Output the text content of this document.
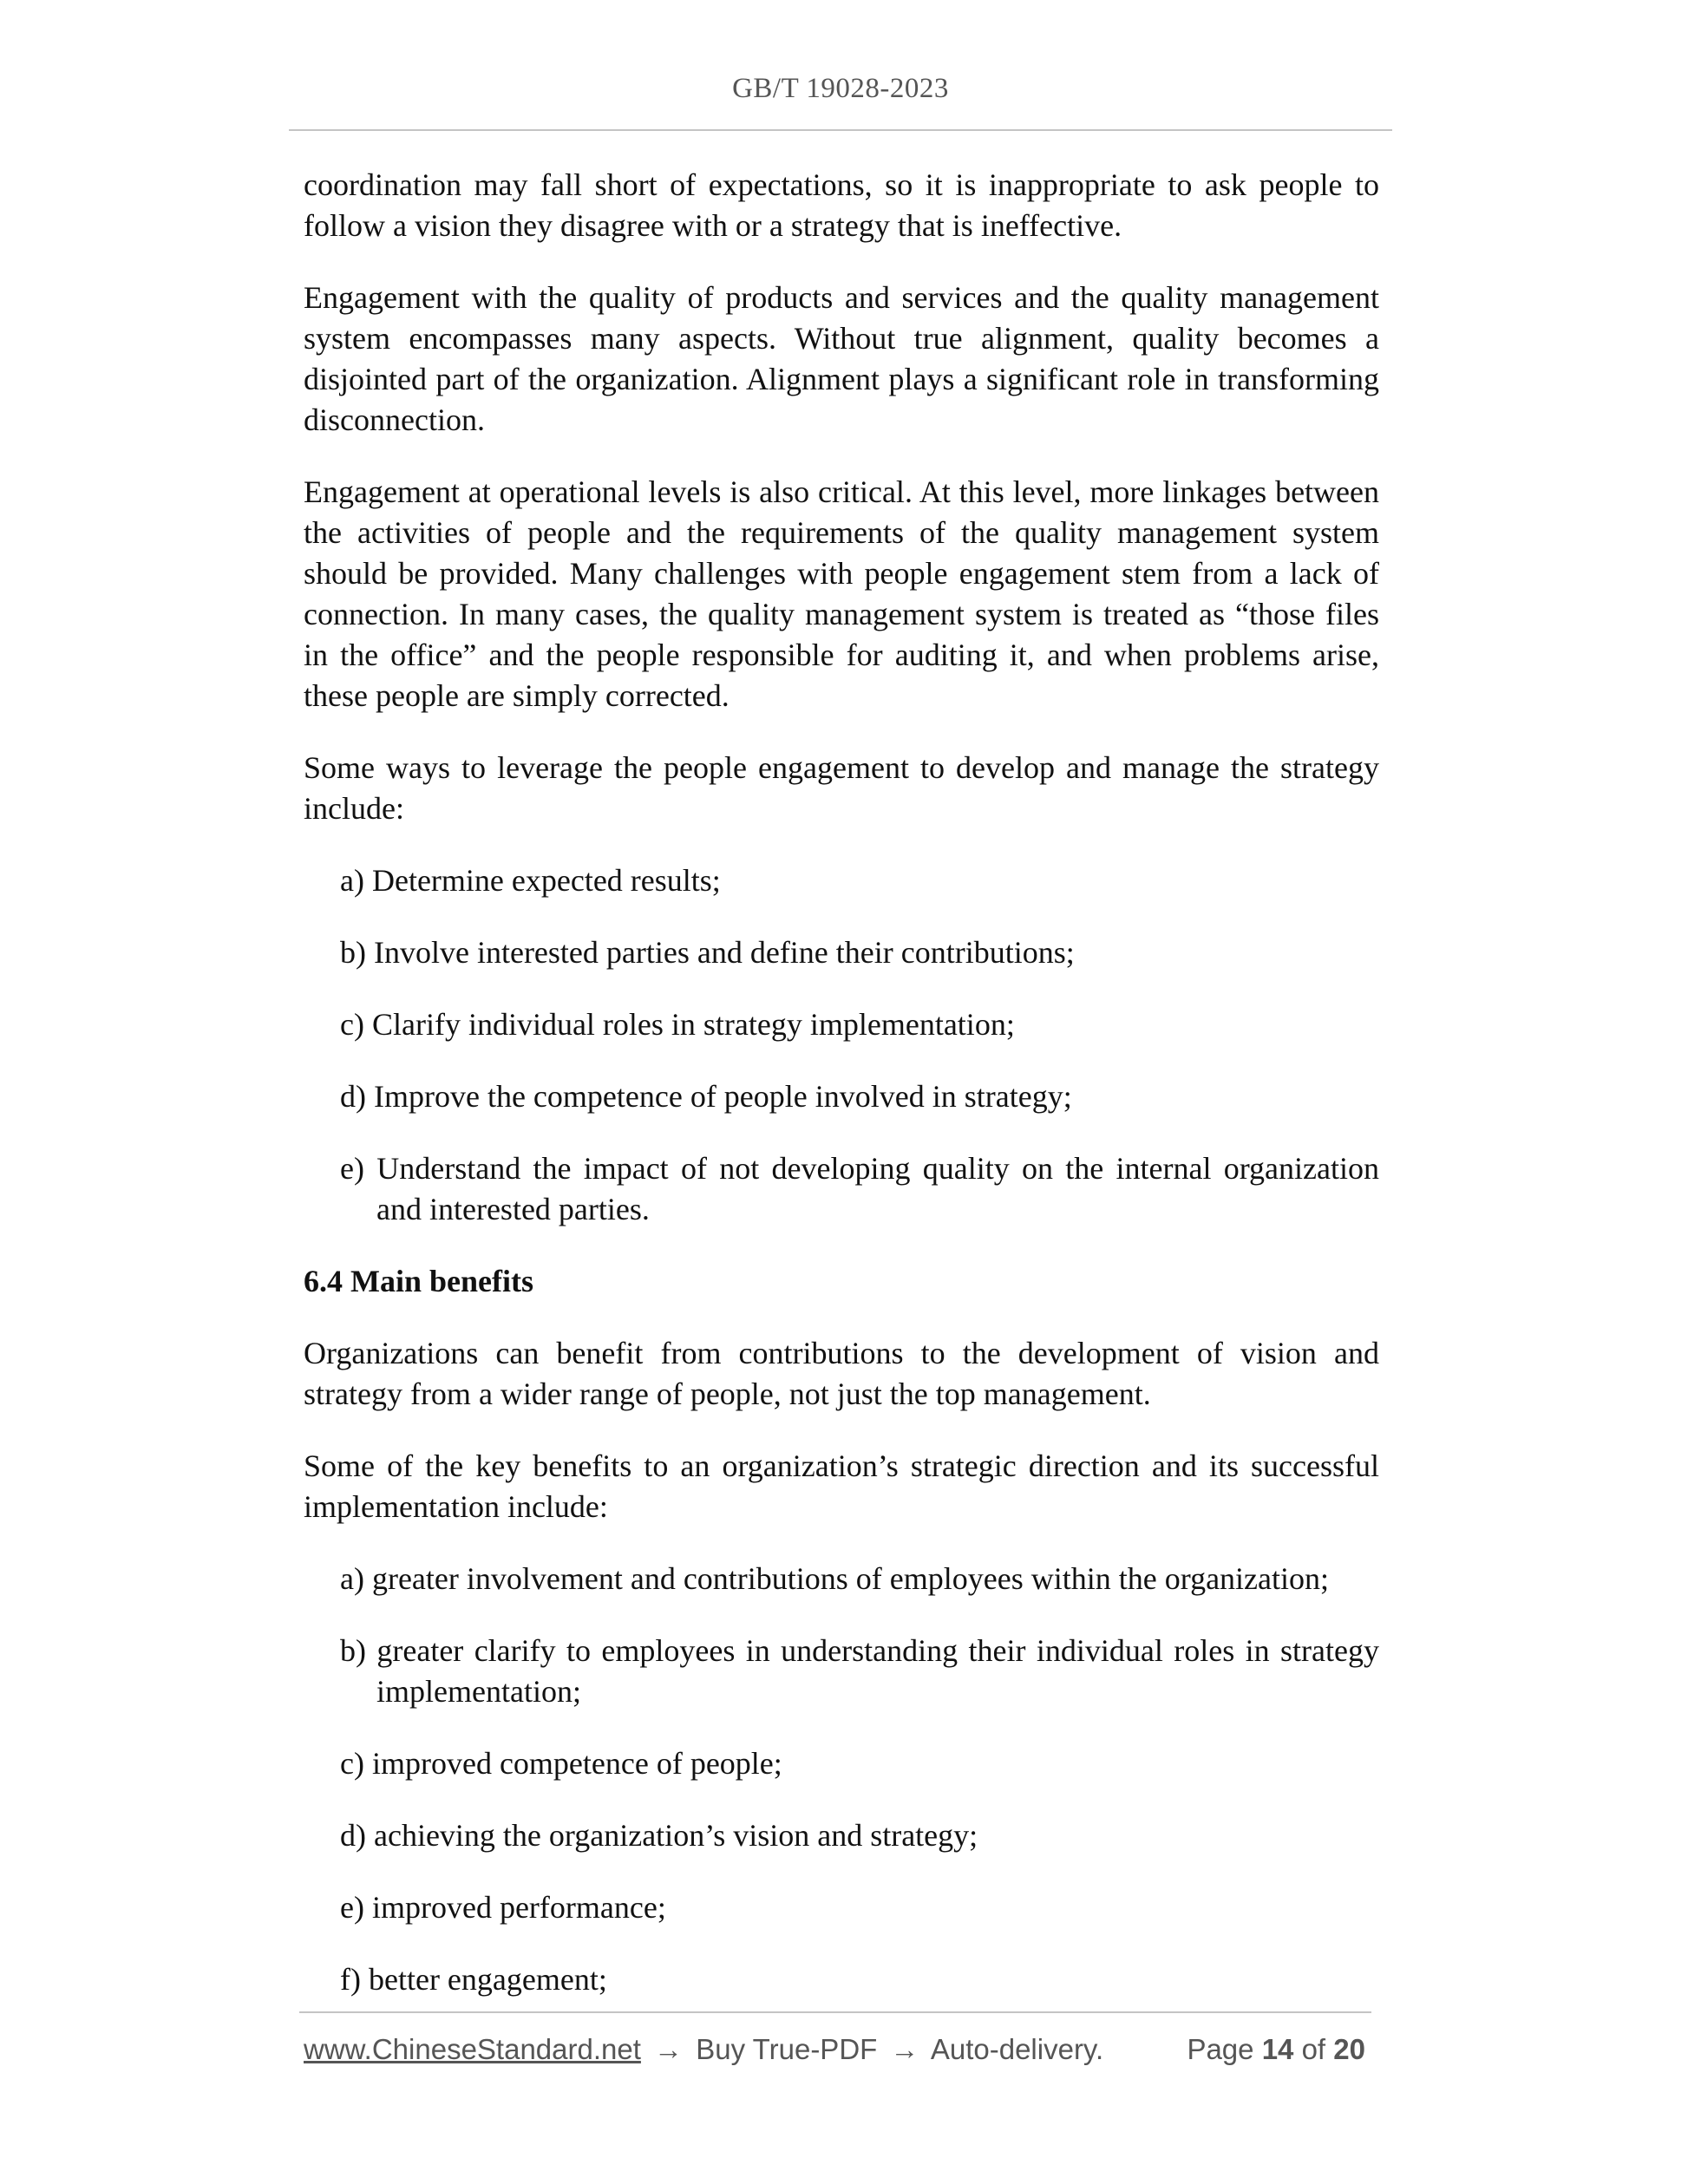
GB/T 19028-2023

coordination may fall short of expectations, so it is inappropriate to ask people to follow a vision they disagree with or a strategy that is ineffective.

Engagement with the quality of products and services and the quality management system encompasses many aspects. Without true alignment, quality becomes a disjointed part of the organization. Alignment plays a significant role in transforming disconnection.

Engagement at operational levels is also critical. At this level, more linkages between the activities of people and the requirements of the quality management system should be provided. Many challenges with people engagement stem from a lack of connection. In many cases, the quality management system is treated as “those files in the office” and the people responsible for auditing it, and when problems arise, these people are simply corrected.

Some ways to leverage the people engagement to develop and manage the strategy include:

a) Determine expected results;

b) Involve interested parties and define their contributions;

c) Clarify individual roles in strategy implementation;

d) Improve the competence of people involved in strategy;

e) Understand the impact of not developing quality on the internal organization and interested parties.

6.4 Main benefits

Organizations can benefit from contributions to the development of vision and strategy from a wider range of people, not just the top management.

Some of the key benefits to an organization’s strategic direction and its successful implementation include:

a) greater involvement and contributions of employees within the organization;

b) greater clarify to employees in understanding their individual roles in strategy implementation;

c) improved competence of people;

d) achieving the organization’s vision and strategy;

e) improved performance;

f) better engagement;

www.ChineseStandard.net → Buy True-PDF → Auto-delivery.	Page 14 of 20
